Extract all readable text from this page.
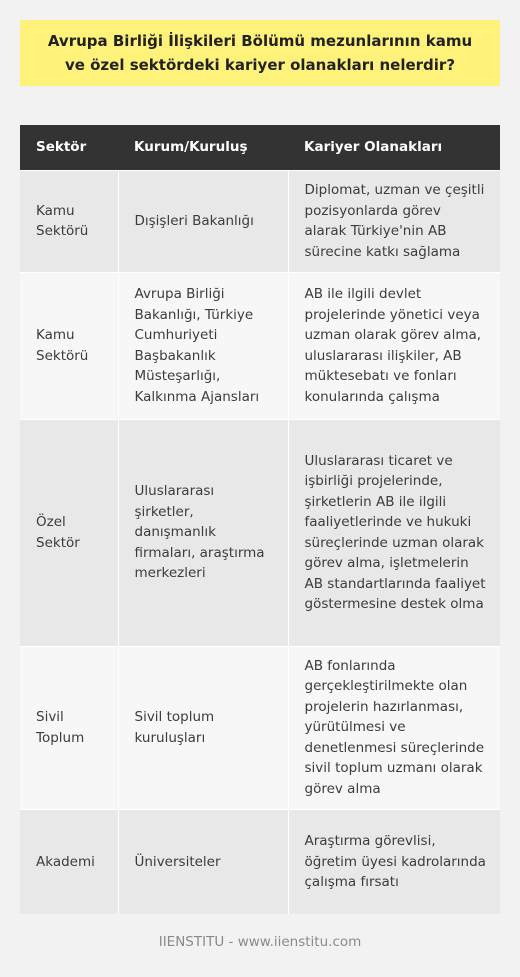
Avrupa Birliği İlişkileri Bölümü mezunlarının kamu ve özel sektördeki kariyer olanakları nelerdir?
Sektör	Kurum/Kuruluş	Kariyer Olanakları
Kamu Sektörü	Dışişleri Bakanlığı	Diplomat, uzman ve çeşitli pozisyonlarda görev alarak Türkiye'nin AB sürecine katkı sağlama
Kamu Sektörü	Avrupa Birliği Bakanlığı, Türkiye Cumhuriyeti Başbakanlık Müsteşarlığı, Kalkınma Ajansları	AB ile ilgili devlet projelerinde yönetici veya uzman olarak görev alma, uluslararası ilişkiler, AB müktesebatı ve fonları konularında çalışma
Özel Sektör	Uluslararası şirketler, danışmanlık firmaları, araştırma merkezleri	Uluslararası ticaret ve işbirliği projelerinde, şirketlerin AB ile ilgili faaliyetlerinde ve hukuki süreçlerinde uzman olarak görev alma, işletmelerin AB standartlarında faaliyet göstermesine destek olma
Sivil Toplum	Sivil toplum kuruluşları	AB fonlarında gerçekleştirilmekte olan projelerin hazırlanması, yürütülmesi ve denetlenmesi süreçlerinde sivil toplum uzmanı olarak görev alma
Akademi	Üniversiteler	Araştırma görevlisi, öğretim üyesi kadrolarında çalışma fırsatı
IIENSTITU - www.iienstitu.com
